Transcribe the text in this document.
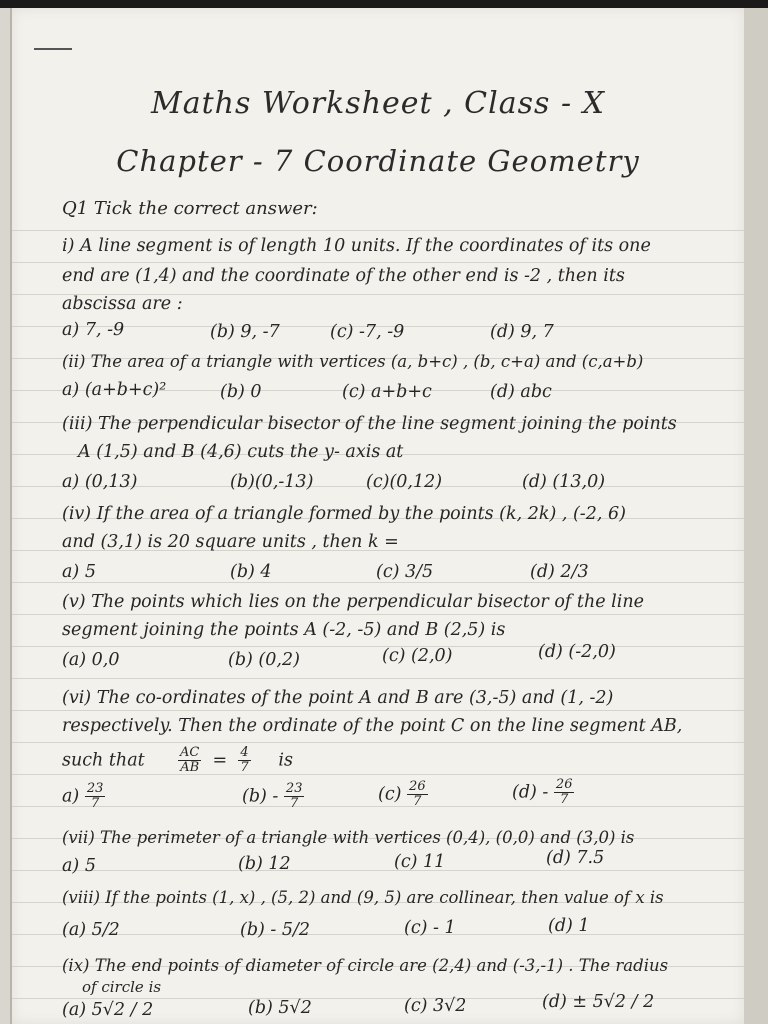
Maths Worksheet , Class - X
Chapter - 7 Coordinate Geometry
Q1 Tick the correct answer:
i) A line segment is of length 10 units. If the coordinates of its one
end are (1,4) and the coordinate of the other end is -2 , then its
abscissa are :
a) 7, -9	(b) 9, -7	(c) -7, -9	(d) 9, 7
(ii) The area of a triangle with vertices (a, b+c) , (b, c+a) and (c,a+b)
a) (a+b+c)²	(b) 0	(c) a+b+c	(d) abc
(iii) The perpendicular bisector of the line segment joining the points
A (1,5) and B (4,6) cuts the y- axis at
a) (0,13)	(b)(0,-13)	(c)(0,12)	(d) (13,0)
(iv) If the area of a triangle formed by the points (k, 2k) , (-2, 6)
and (3,1) is 20 square units , then k =
a) 5	(b) 4	(c) 3/5	(d) 2/3
(v) The points which lies on the perpendicular bisector of the line
segment joining the points A (-2, -5) and B (2,5) is
(a) 0,0	(b) (0,2)	(c) (2,0)	(d) (-2,0)
(vi) The co-ordinates of the point A and B are (3,-5) and (1, -2)
respectively. Then the ordinate of the point C on the line segment AB,
such that	$\frac{AC}{AB} = \frac{4}{7}$ is
$a) \frac{23}{7}$	$(b) - \frac{23}{7}$	$(c) \frac{26}{7}$	$(d) - \frac{26}{7}$
(vii) The perimeter of a triangle with vertices (0,4), (0,0) and (3,0) is
a) 5	(b) 12	(c) 11	(d) 7.5
(viii) If the points (1, x) , (5, 2) and (9, 5) are collinear, then value of x is
(a) 5/2	(b) - 5/2	(c) - 1	(d) 1
(ix) The end points of diameter of circle are (2,4) and (-3,-1) . The radius
of circle is
(a) 5√2 / 2	(b) 5√2	(c) 3√2	(d) ± 5√2 / 2
